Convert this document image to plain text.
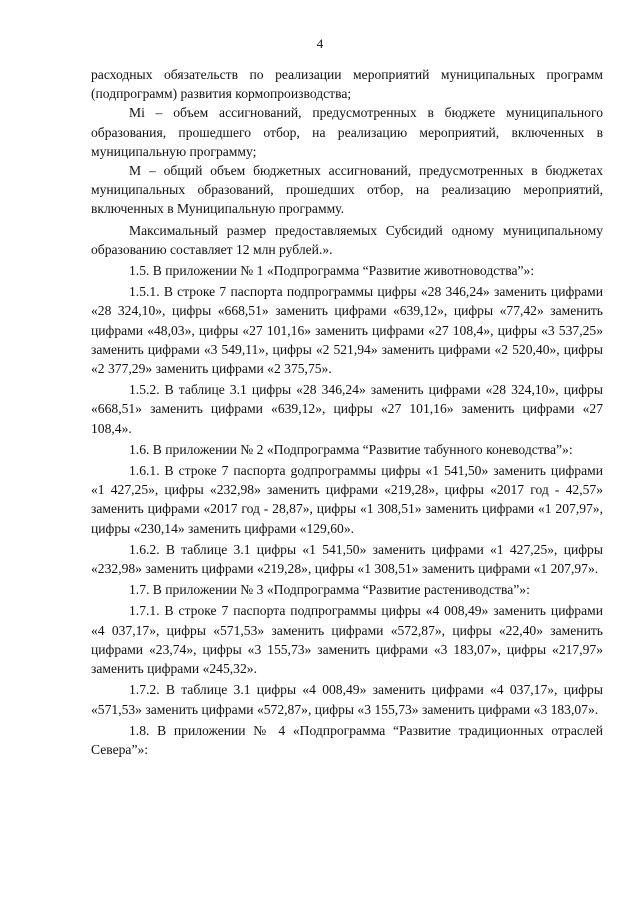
4

расходных обязательств по реализации мероприятий муниципальных программ (подпрограмм) развития кормопроизводства;

Mi – объем ассигнований, предусмотренных в бюджете муниципального образования, прошедшего отбор, на реализацию мероприятий, включенных в муниципальную программу;

M – общий объем бюджетных ассигнований, предусмотренных в бюджетах муниципальных образований, прошедших отбор, на реализацию мероприятий, включенных в Муниципальную программу.

Максимальный размер предоставляемых Субсидий одному муниципальному образованию составляет 12 млн рублей.».

1.5. В приложении № 1 «Подпрограмма “Развитие животноводства”»:

1.5.1. В строке 7 паспорта подпрограммы цифры «28 346,24» заменить цифрами «28 324,10», цифры «668,51» заменить цифрами «639,12», цифры «77,42» заменить цифрами «48,03», цифры «27 101,16» заменить цифрами «27 108,4», цифры «3 537,25» заменить цифрами «3 549,11», цифры «2 521,94» заменить цифрами «2 520,40», цифры «2 377,29» заменить цифрами «2 375,75».

1.5.2. В таблице 3.1 цифры «28 346,24» заменить цифрами «28 324,10», цифры «668,51» заменить цифрами «639,12», цифры «27 101,16» заменить цифрами «27 108,4».

1.6. В приложении № 2 «Подпрограмма “Развитие табунного коневодства”»:

1.6.1. В строке 7 паспорта gодпрограммы цифры «1 541,50» заменить цифрами «1 427,25», цифры «232,98» заменить цифрами «219,28», цифры «2017 год - 42,57» заменить цифрами «2017 год - 28,87», цифры «1 308,51» заменить цифрами «1 207,97», цифры «230,14» заменить цифрами «129,60».

1.6.2. В таблице 3.1 цифры «1 541,50» заменить цифрами «1 427,25», цифры «232,98» заменить цифрами «219,28», цифры «1 308,51» заменить цифрами «1 207,97».

1.7. В приложении № 3 «Подпрограмма “Развитие растениводства”»:

1.7.1. В строке 7 паспорта подпрограммы цифры «4 008,49» заменить цифрами «4 037,17», цифры «571,53» заменить цифрами «572,87», цифры «22,40» заменить цифрами «23,74», цифры «3 155,73» заменить цифрами «3 183,07», цифры «217,97» заменить цифрами «245,32».

1.7.2. В таблице 3.1 цифры «4 008,49» заменить цифрами «4 037,17», цифры «571,53» заменить цифрами «572,87», цифры «3 155,73» заменить цифрами «3 183,07».

1.8. В приложении № 4 «Подпрограмма “Развитие традиционных отраслей Севера”»:
